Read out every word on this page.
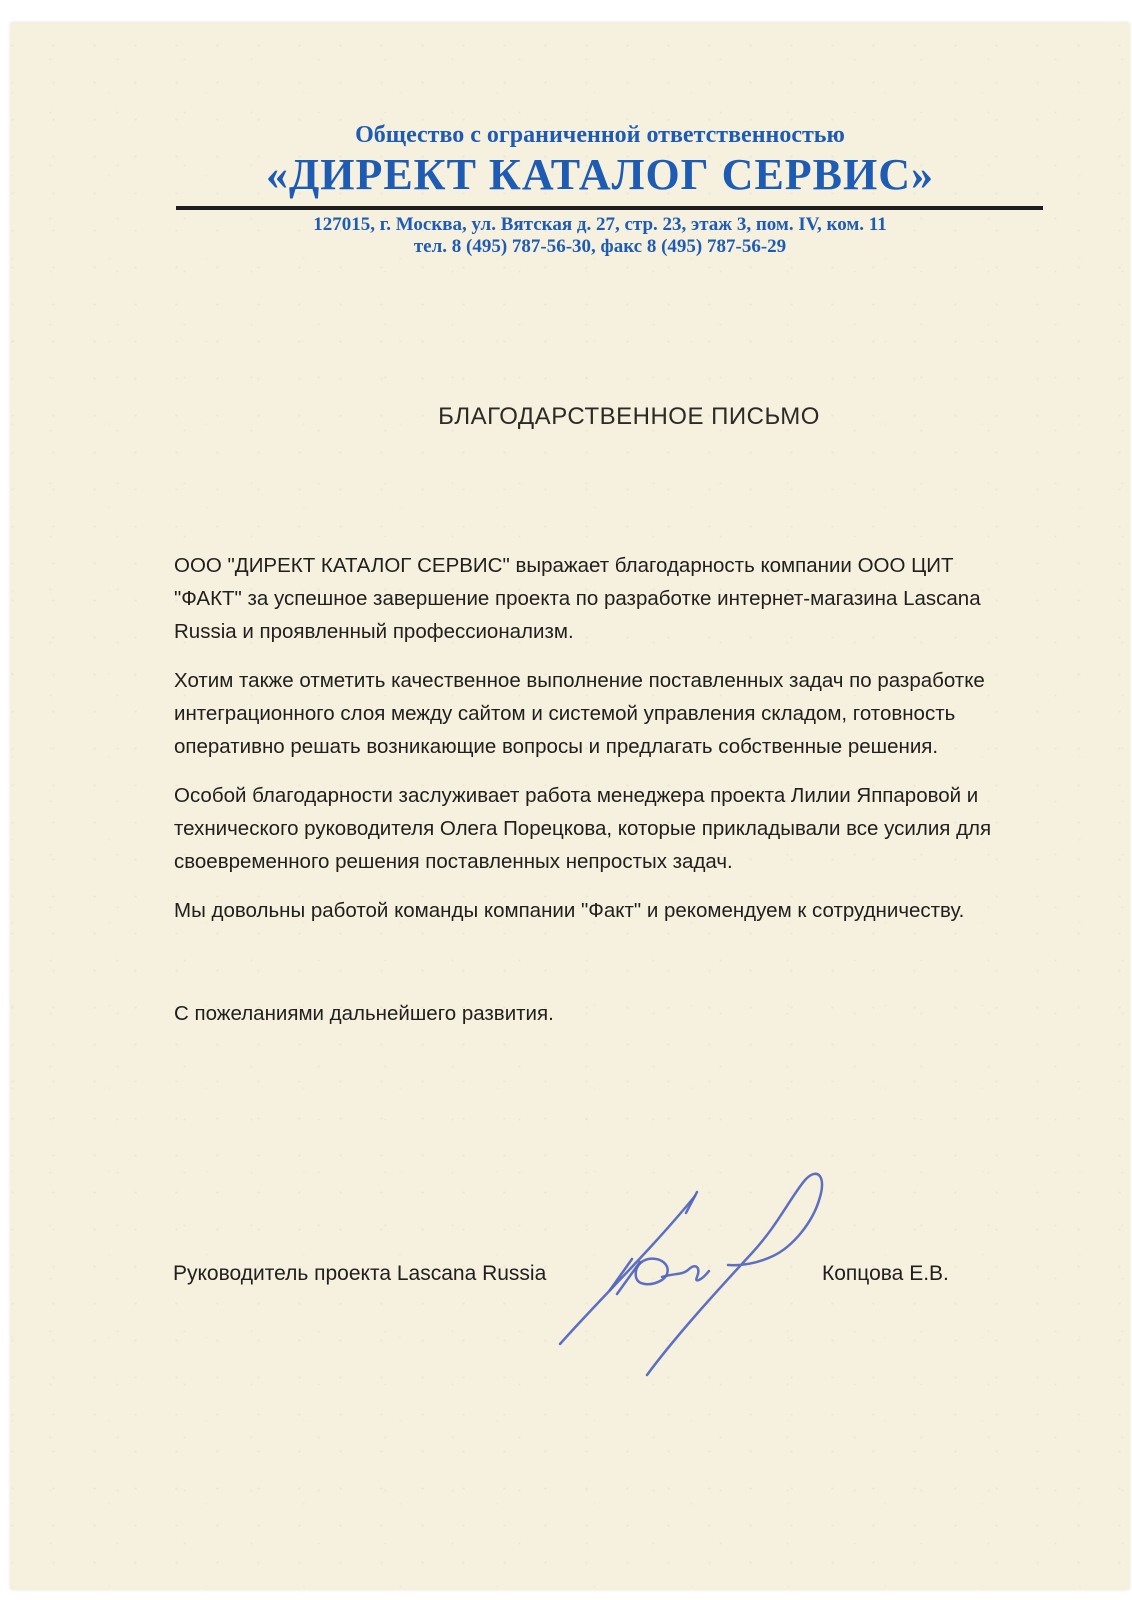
Общество с ограниченной ответственностью
«ДИРЕКТ КАТАЛОГ СЕРВИС»
127015, г. Москва, ул. Вятская д. 27, стр. 23, этаж 3, пом. IV, ком. 11
тел. 8 (495) 787-56-30, факс 8 (495) 787-56-29
БЛАГОДАРСТВЕННОЕ ПИСЬМО

ООО "ДИРЕКТ КАТАЛОГ СЕРВИС" выражает благодарность компании ООО ЦИТ "ФАКТ" за успешное завершение проекта по разработке интернет-магазина Lascana Russia и проявленный профессионализм.

Хотим также отметить качественное выполнение поставленных задач по разработке интеграционного слоя между сайтом и системой управления складом, готовность оперативно решать возникающие вопросы и предлагать собственные решения.

Особой благодарности заслуживает работа менеджера проекта Лилии Яппаровой и технического руководителя Олега Порецкова, которые прикладывали все усилия для своевременного решения поставленных непростых задач.

Мы довольны работой команды компании "Факт" и рекомендуем к сотрудничеству.

С пожеланиями дальнейшего развития.

Руководитель проекта Lascana Russia	Копцова Е.В.
